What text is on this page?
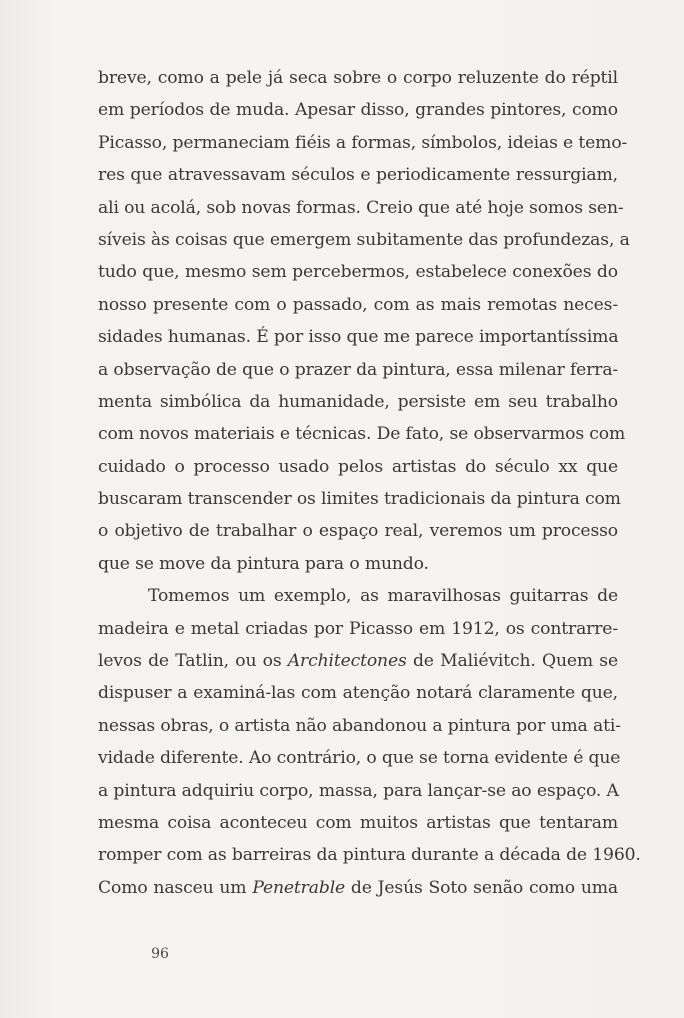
breve, como a pele já seca sobre o corpo reluzente do réptil
em períodos de muda. Apesar disso, grandes pintores, como
Picasso, permaneciam fiéis a formas, símbolos, ideias e temo-
res que atravessavam séculos e periodicamente ressurgiam,
ali ou acolá, sob novas formas. Creio que até hoje somos sen-
síveis às coisas que emergem subitamente das profundezas, a
tudo que, mesmo sem percebermos, estabelece conexões do
nosso presente com o passado, com as mais remotas neces-
sidades humanas. É por isso que me parece importantíssima
a observação de que o prazer da pintura, essa milenar ferra-
menta simbólica da humanidade, persiste em seu trabalho
com novos materiais e técnicas. De fato, se observarmos com
cuidado o processo usado pelos artistas do século xx que
buscaram transcender os limites tradicionais da pintura com
o objetivo de trabalhar o espaço real, veremos um processo
que se move da pintura para o mundo.
Tomemos um exemplo, as maravilhosas guitarras de
madeira e metal criadas por Picasso em 1912, os contrarre-
levos de Tatlin, ou os Architectones de Maliévitch. Quem se
dispuser a examiná-las com atenção notará claramente que,
nessas obras, o artista não abandonou a pintura por uma ati-
vidade diferente. Ao contrário, o que se torna evidente é que
a pintura adquiriu corpo, massa, para lançar-se ao espaço. A
mesma coisa aconteceu com muitos artistas que tentaram
romper com as barreiras da pintura durante a década de 1960.
Como nasceu um Penetrable de Jesús Soto senão como uma
96
